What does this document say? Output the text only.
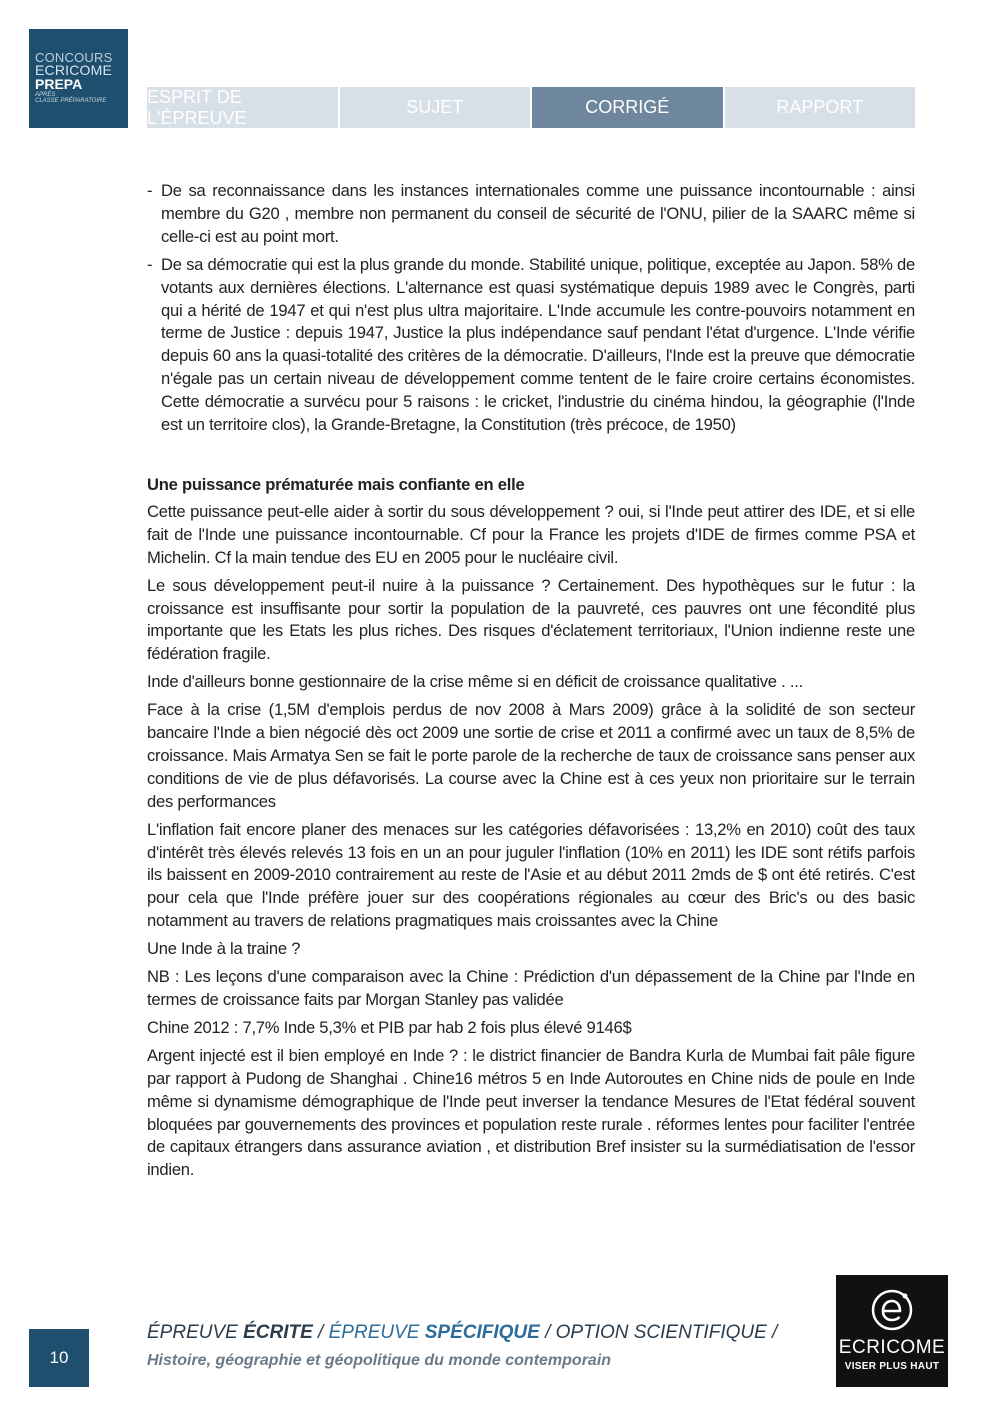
CONCOURS
ECRICOME
PREPA
APRÈS
CLASSE PRÉPARATOIRE	ESPRIT DE L'ÉPREUVE
SUJET	CORRIGÉ	RAPPORT
- De sa reconnaissance dans les instances internationales comme une puissance incontournable : ainsi membre du G20 , membre non permanent du conseil de sécurité de l'ONU, pilier de la SAARC même si celle-ci est au point mort.
- De sa démocratie qui est la plus grande du monde. Stabilité unique, politique, exceptée au Japon. 58% de votants aux dernières élections. L'alternance est quasi systématique depuis 1989 avec le Congrès, parti qui a hérité de 1947 et qui n'est plus ultra majoritaire. L'Inde accumule les contre-pouvoirs notamment en terme de Justice : depuis 1947, Justice la plus indépendance sauf pendant l'état d'urgence. L'Inde vérifie depuis 60 ans la quasi-totalité des critères de la démocratie. D'ailleurs, l'Inde est la preuve que démocratie n'égale pas un certain niveau de développement comme tentent de le faire croire certains économistes. Cette démocratie a survécu pour 5 raisons : le cricket, l'industrie du cinéma hindou, la géographie (l'Inde est un territoire clos), la Grande-Bretagne, la Constitution (très précoce, de 1950)
Une puissance prématurée mais confiante en elle

Cette puissance peut-elle aider à sortir du sous développement ? oui, si l'Inde peut attirer des IDE, et si elle fait de l'Inde une puissance incontournable. Cf pour la France les projets d'IDE de firmes comme PSA et Michelin. Cf la main tendue des EU en 2005 pour le nucléaire civil.

Le sous développement peut-il nuire à la puissance ? Certainement. Des hypothèques sur le futur : la croissance est insuffisante pour sortir la population de la pauvreté, ces pauvres ont une fécondité plus importante que les Etats les plus riches. Des risques d'éclatement territoriaux, l'Union indienne reste une fédération fragile.

Inde d'ailleurs bonne gestionnaire de la crise même si en déficit de croissance qualitative . ...

Face à la crise (1,5M d'emplois perdus de nov 2008 à Mars 2009) grâce à la solidité de son secteur bancaire l'Inde a bien négocié dès oct 2009 une sortie de crise et 2011 a confirmé avec un taux de 8,5% de croissance. Mais Armatya Sen se fait le porte parole de la recherche de taux de croissance sans penser aux conditions de vie de plus défavorisés. La course avec la Chine est à ces yeux non prioritaire sur le terrain des performances

L'inflation fait encore planer des menaces sur les catégories défavorisées : 13,2% en 2010) coût des taux d'intérêt très élevés relevés 13 fois en un an pour juguler l'inflation (10% en 2011) les IDE sont rétifs parfois ils baissent en 2009-2010 contrairement au reste de l'Asie et au début 2011 2mds de $ ont été retirés. C'est pour cela que l'Inde préfère jouer sur des coopérations régionales au cœur des Bric's ou des basic notamment au travers de relations pragmatiques mais croissantes avec la Chine

Une Inde à la traine ?

NB : Les leçons d'une comparaison avec la Chine : Prédiction d'un dépassement de la Chine par l'Inde en termes de croissance faits par Morgan Stanley pas validée

Chine 2012 : 7,7% Inde 5,3% et PIB par hab 2 fois plus élevé 9146$

Argent injecté est il bien employé en Inde ? : le district financier de Bandra Kurla de Mumbai fait pâle figure par rapport à Pudong de Shanghai . Chine16 métros 5 en Inde Autoroutes en Chine nids de poule en Inde même si dynamisme démographique de l'Inde peut inverser la tendance Mesures de l'Etat fédéral souvent bloquées par gouvernements des provinces et population reste rurale . réformes lentes pour faciliter l'entrée de capitaux étrangers dans assurance aviation , et distribution Bref insister su la surmédiatisation de l'essor indien.

10
ÉPREUVE ÉCRITE / ÉPREUVE SPÉCIFIQUE / OPTION SCIENTIFIQUE /
Histoire, géographie et géopolitique du monde contemporain
ECRICOME
VISER PLUS HAUT
